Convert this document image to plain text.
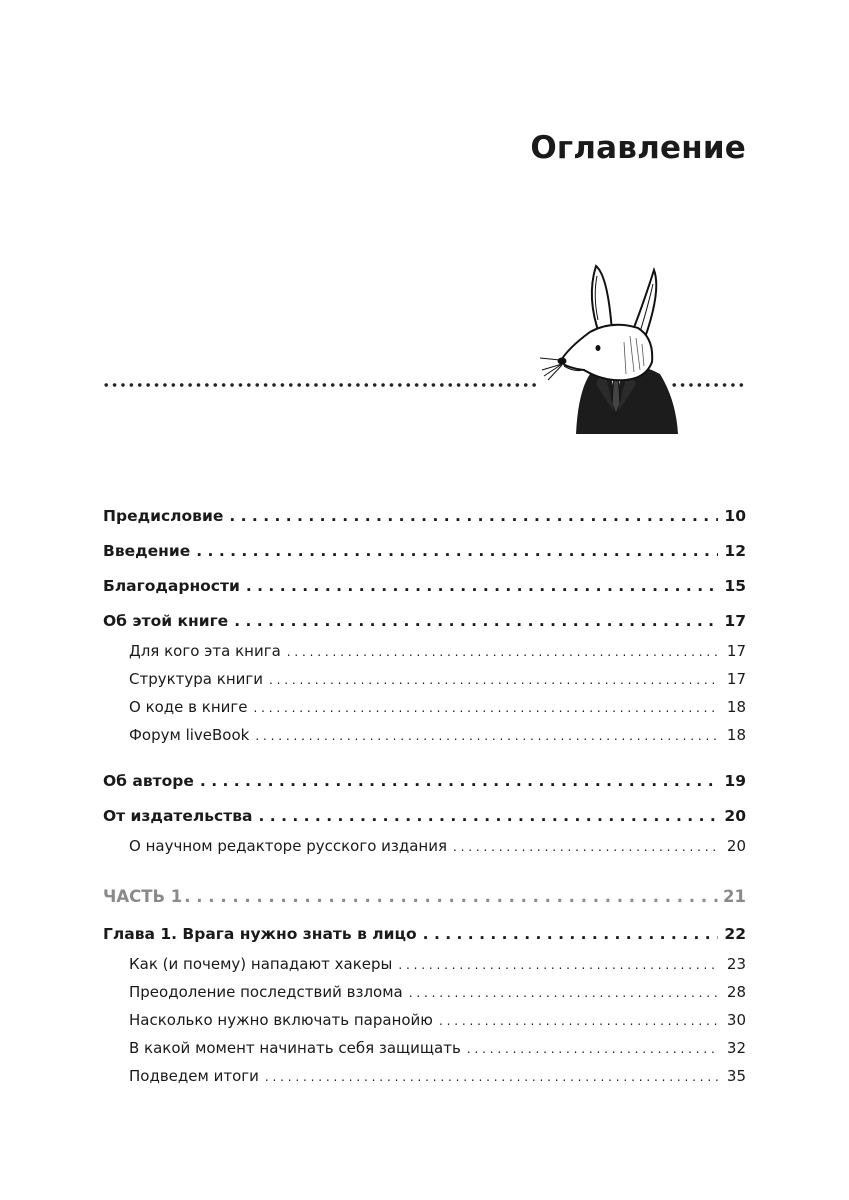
Оглавление
Предисловие . . .	10
Введение . . .	12
Благодарности . . .	15
Об этой книге . . .	17
Для кого эта книга . . .	17
Структура книги . . .	17
О коде в книге . . .	18
Форум liveBook . . .	18
Об авторе . . .	19
От издательства . . .	20
О научном редакторе русского издания . . .	20
ЧАСТЬ 1 . . .	21
Глава 1. Врага нужно знать в лицо . . .	22
Как (и почему) нападают хакеры . . .	23
Преодоление последствий взлома . . .	28
Насколько нужно включать паранойю . . .	30
В какой момент начинать себя защищать . . .	32
Подведем итоги . . .	35
